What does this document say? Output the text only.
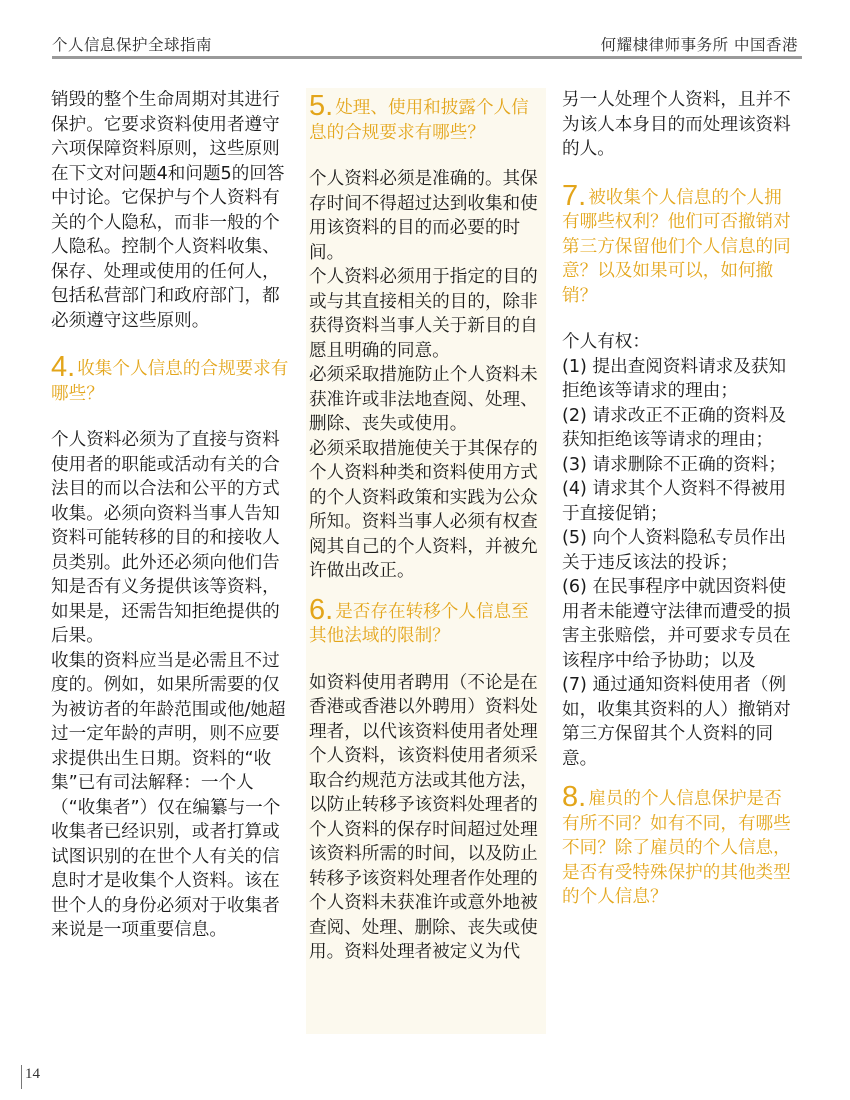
个人信息保护全球指南	何耀棣律师事务所 中国香港

销毁的整个生命周期对其进行保护。它要求资料使用者遵守六项保障资料原则，这些原则在下文对问题4和问题5的回答中讨论。它保护与个人资料有关的个人隐私，而非一般的个人隐私。控制个人资料收集、保存、处理或使用的任何人，包括私营部门和政府部门，都必须遵守这些原则。

4. 收集个人信息的合规要求有哪些？

个人资料必须为了直接与资料使用者的职能或活动有关的合法目的而以合法和公平的方式收集。必须向资料当事人告知资料可能转移的目的和接收人员类别。此外还必须向他们告知是否有义务提供该等资料，如果是，还需告知拒绝提供的后果。

收集的资料应当是必需且不过度的。例如，如果所需要的仅为被访者的年龄范围或他/她超过一定年龄的声明，则不应要求提供出生日期。资料的“收集”已有司法解释：一个人（“收集者”）仅在编纂与一个收集者已经识别，或者打算或试图识别的在世个人有关的信息时才是收集个人资料。该在世个人的身份必须对于收集者来说是一项重要信息。

5. 处理、使用和披露个人信息的合规要求有哪些？

个人资料必须是准确的。其保存时间不得超过达到收集和使用该资料的目的而必要的时间。

个人资料必须用于指定的目的或与其直接相关的目的，除非获得资料当事人关于新目的自愿且明确的同意。

必须采取措施防止个人资料未获准许或非法地查阅、处理、删除、丧失或使用。

必须采取措施使关于其保存的个人资料种类和资料使用方式的个人资料政策和实践为公众所知。资料当事人必须有权查阅其自己的个人资料，并被允许做出改正。

6. 是否存在转移个人信息至其他法域的限制？

如资料使用者聘用（不论是在香港或香港以外聘用）资料处理者，以代该资料使用者处理个人资料，该资料使用者须采取合约规范方法或其他方法，以防止转移予该资料处理者的个人资料的保存时间超过处理该资料所需的时间，以及防止转移予该资料处理者作处理的个人资料未获准许或意外地被查阅、处理、删除、丧失或使用。资料处理者被定义为代

另一人处理个人资料，且并不为该人本身目的而处理该资料的人。

7. 被收集个人信息的个人拥有哪些权利？他们可否撤销对第三方保留他们个人信息的同意？以及如果可以，如何撤销？

个人有权：

(1) 提出查阅资料请求及获知拒绝该等请求的理由；

(2) 请求改正不正确的资料及获知拒绝该等请求的理由；

(3) 请求删除不正确的资料；

(4) 请求其个人资料不得被用于直接促销；

(5) 向个人资料隐私专员作出关于违反该法的投诉；

(6) 在民事程序中就因资料使用者未能遵守法律而遭受的损害主张赔偿，并可要求专员在该程序中给予协助；以及

(7) 通过通知资料使用者（例如，收集其资料的人）撤销对第三方保留其个人资料的同意。

8. 雇员的个人信息保护是否有所不同？如有不同，有哪些不同？除了雇员的个人信息，是否有受特殊保护的其他类型的个人信息？

14
